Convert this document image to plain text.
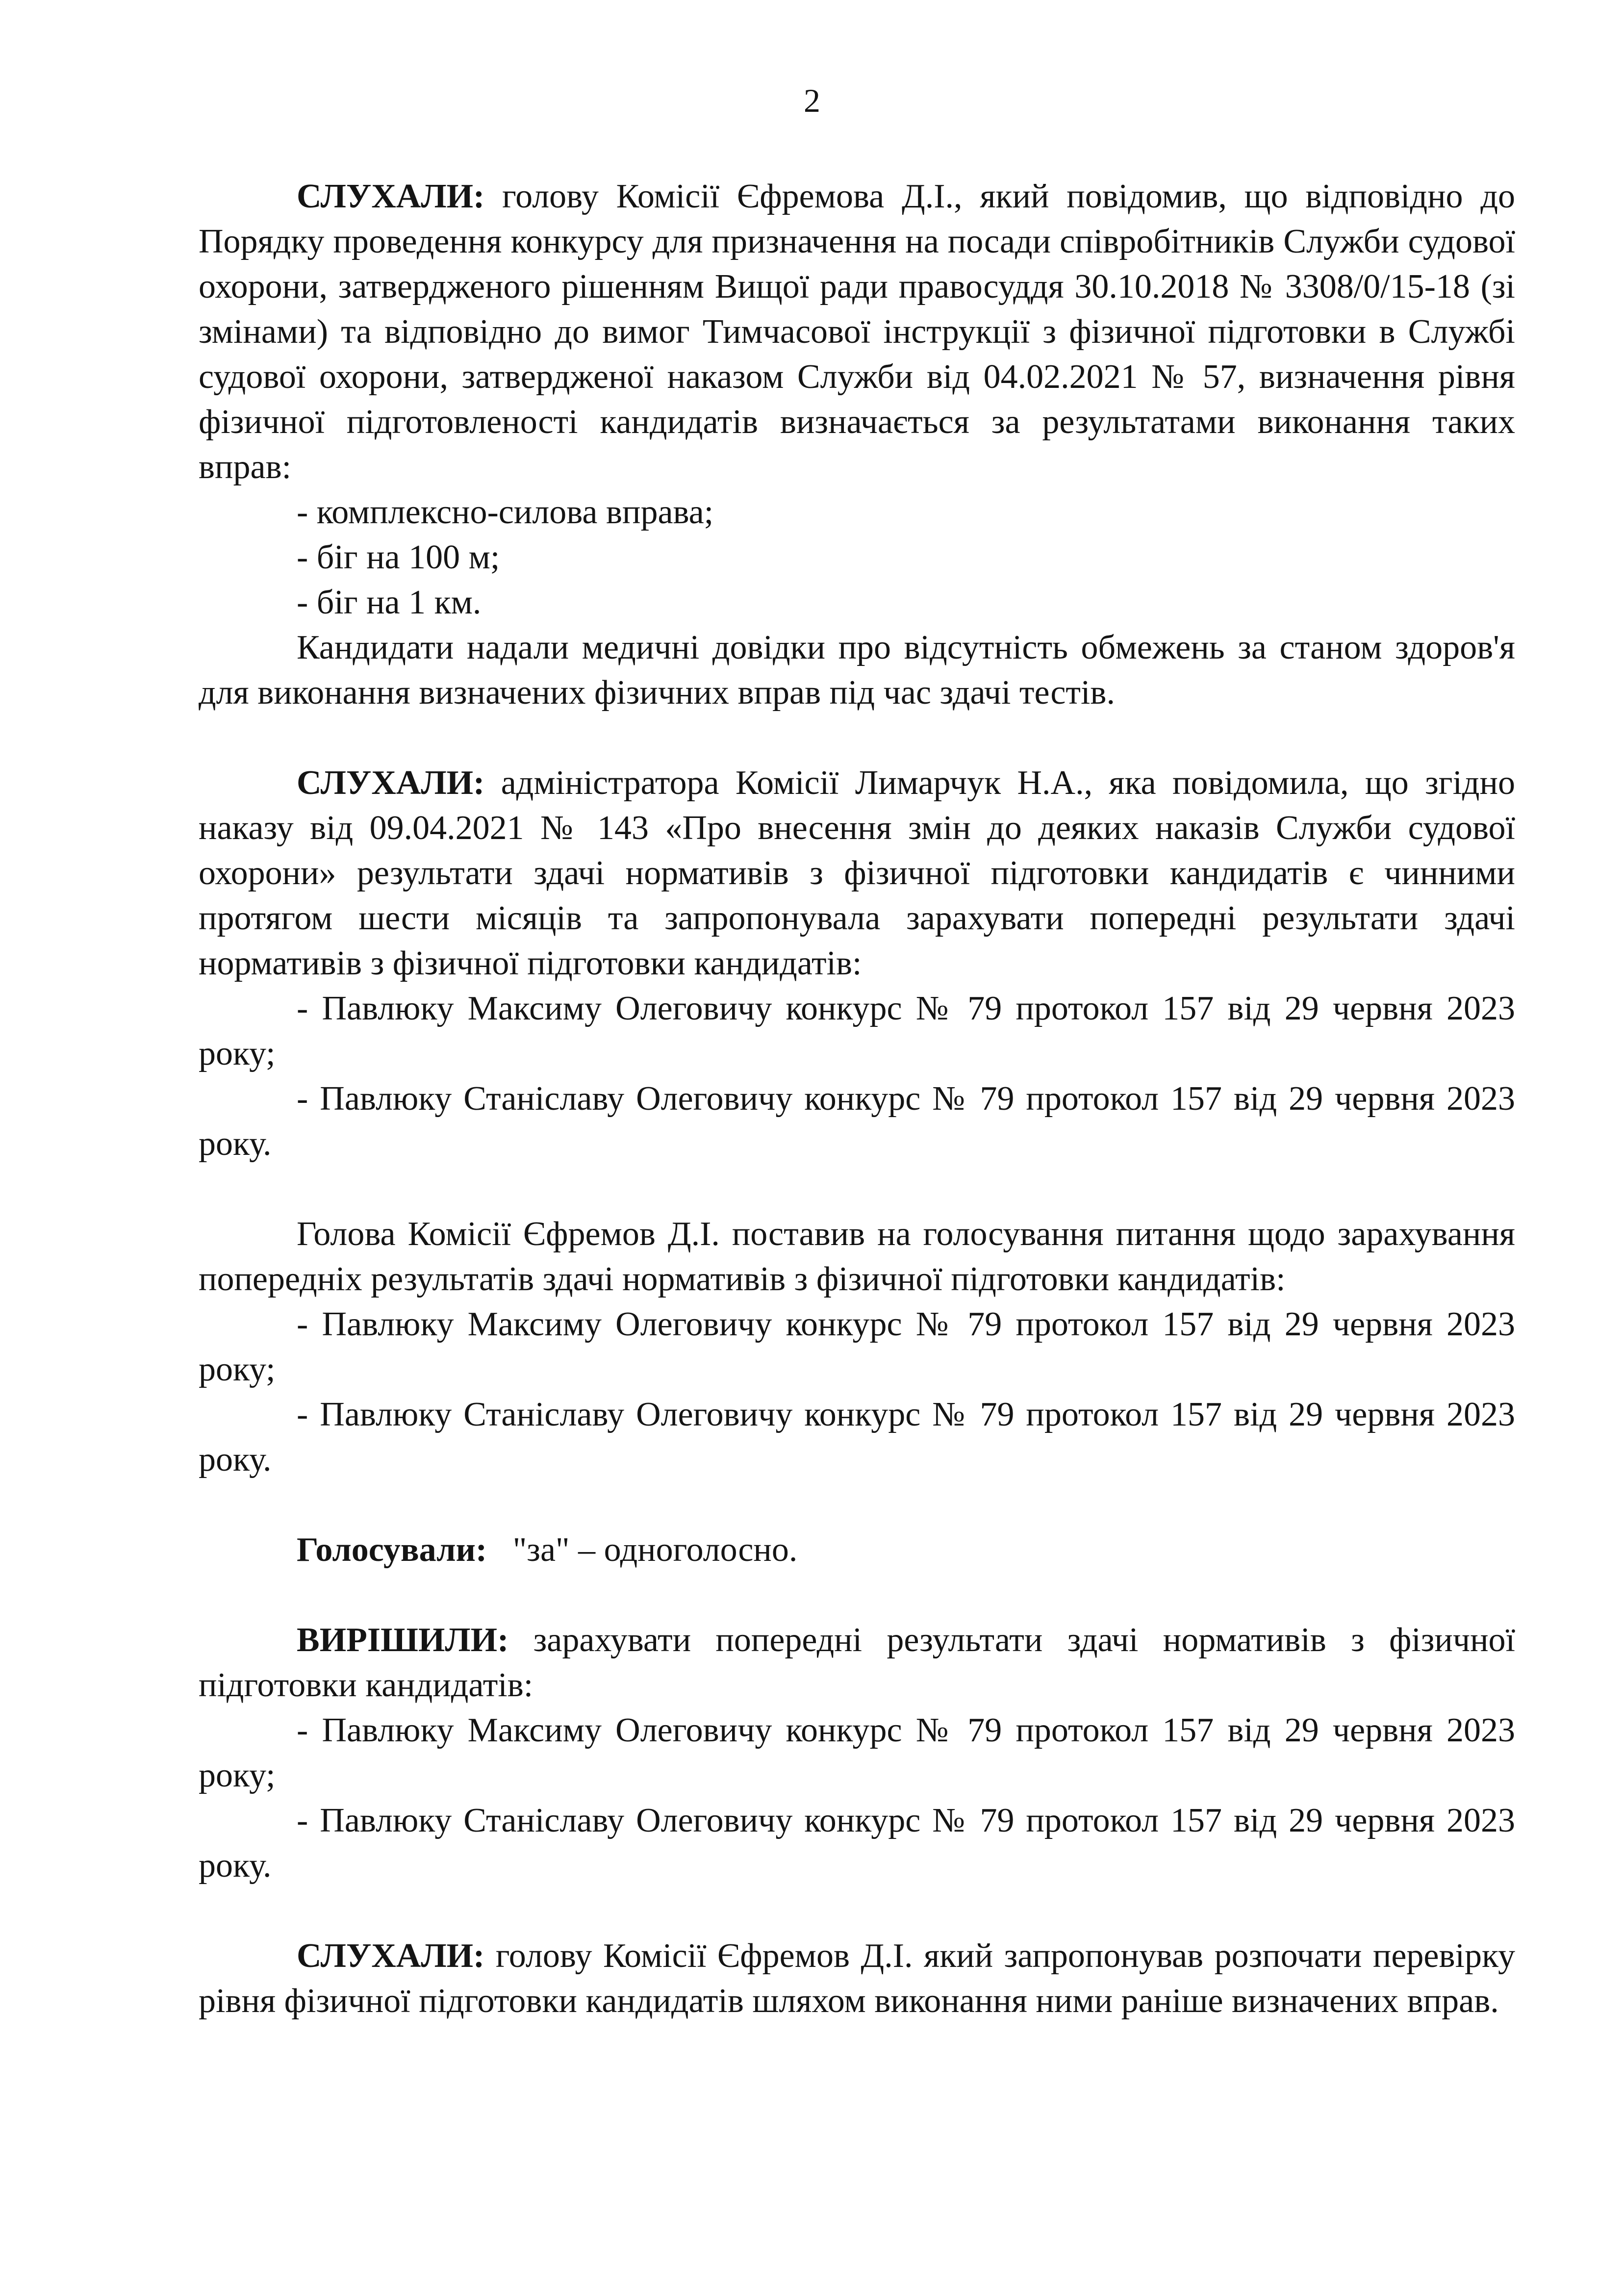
2

СЛУХАЛИ: голову Комісії Єфремова Д.І., який повідомив, що відповідно до Порядку проведення конкурсу для призначення на посади співробітників Служби судової охорони, затвердженого рішенням Вищої ради правосуддя 30.10.2018 № 3308/0/15-18 (зі змінами) та відповідно до вимог Тимчасової інструкції з фізичної підготовки в Службі судової охорони, затвердженої наказом Служби від 04.02.2021 № 57, визначення рівня фізичної підготовленості кандидатів визначається за результатами виконання таких вправ:

- комплексно-силова вправа;

- біг на 100 м;

- біг на 1 км.

Кандидати надали медичні довідки про відсутність обмежень за станом здоров'я для виконання визначених фізичних вправ під час здачі тестів.

СЛУХАЛИ: адміністратора Комісії Лимарчук Н.А., яка повідомила, що згідно наказу від 09.04.2021 № 143 «Про внесення змін до деяких наказів Служби судової охорони» результати здачі нормативів з фізичної підготовки кандидатів є чинними протягом шести місяців та запропонувала зарахувати попередні результати здачі нормативів з фізичної підготовки кандидатів:

- Павлюку Максиму Олеговичу конкурс № 79 протокол 157 від 29 червня 2023 року;

- Павлюку Станіславу Олеговичу конкурс № 79 протокол 157 від 29 червня 2023 року.

Голова Комісії Єфремов Д.І. поставив на голосування питання щодо зарахування попередніх результатів здачі нормативів з фізичної підготовки кандидатів:

- Павлюку Максиму Олеговичу конкурс № 79 протокол 157 від 29 червня 2023 року;

- Павлюку Станіславу Олеговичу конкурс № 79 протокол 157 від 29 червня 2023 року.

Голосували:   "за" – одноголосно.

ВИРІШИЛИ: зарахувати попередні результати здачі нормативів з фізичної підготовки кандидатів:

- Павлюку Максиму Олеговичу конкурс № 79 протокол 157 від 29 червня 2023 року;

- Павлюку Станіславу Олеговичу конкурс № 79 протокол 157 від 29 червня 2023 року.

СЛУХАЛИ: голову Комісії Єфремов Д.І. який запропонував розпочати перевірку рівня фізичної підготовки кандидатів шляхом виконання ними раніше визначених вправ.
